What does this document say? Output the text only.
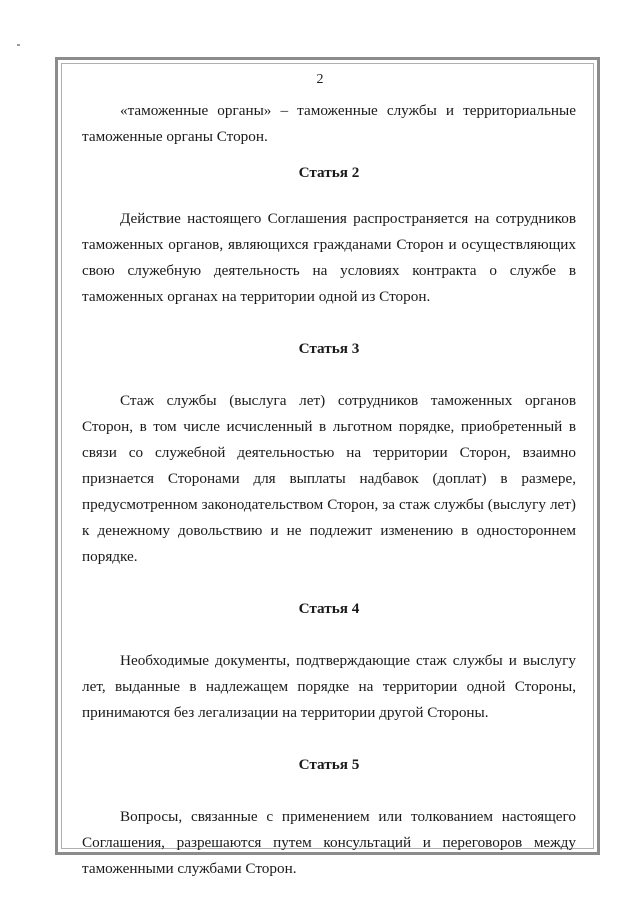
2

«таможенные органы» – таможенные службы и территориальные таможенные органы Сторон.

Статья 2

Действие настоящего Соглашения распространяется на сотрудников таможенных органов, являющихся гражданами Сторон и осуществляющих свою служебную деятельность на условиях контракта о службе в таможенных органах на территории одной из Сторон.

Статья 3

Стаж службы (выслуга лет) сотрудников таможенных органов Сторон, в том числе исчисленный в льготном порядке, приобретенный в связи со служебной деятельностью на территории Сторон, взаимно признается Сторонами для выплаты надбавок (доплат) в размере, предусмотренном законодательством Сторон, за стаж службы (выслугу лет) к денежному довольствию и не подлежит изменению в одностороннем порядке.

Статья 4

Необходимые документы, подтверждающие стаж службы и выслугу лет, выданные в надлежащем порядке на территории одной Стороны, принимаются без легализации на территории другой Стороны.

Статья 5

Вопросы, связанные с применением или толкованием настоящего Соглашения, разрешаются путем консультаций и переговоров между таможенными службами Сторон.
